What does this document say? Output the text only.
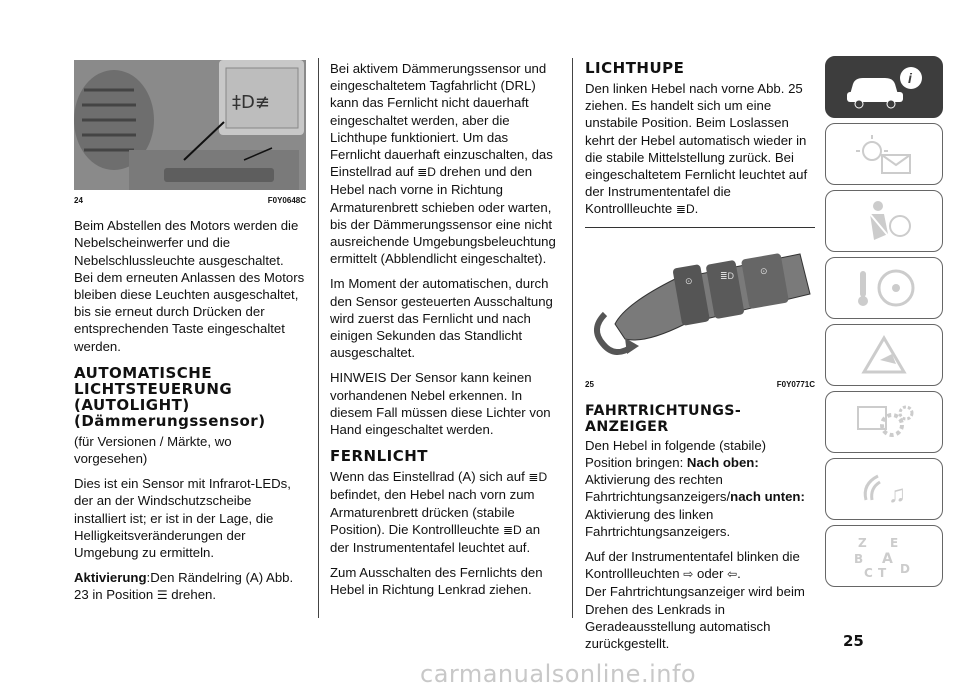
‡D≢
24	F0Y0648C

Beim Abstellen des Motors werden die Nebelscheinwerfer und die Nebelschlussleuchte ausgeschaltet. Bei dem erneuten Anlassen des Motors bleiben diese Leuchten ausgeschaltet, bis sie erneut durch Drücken der entsprechenden Taste eingeschaltet werden.

AUTOMATISCHE LICHTSTEUERUNG (AUTOLIGHT) (Dämmerungssensor)

(für Versionen / Märkte, wo vorgesehen)

Dies ist ein Sensor mit Infrarot-LEDs, der an der Windschutzscheibe installiert ist; er ist in der Lage, die Helligkeitsveränderungen der Umgebung zu ermitteln.

Aktivierung:Den Rändelring (A) Abb. 23 in Position ☰ drehen.

Bei aktivem Dämmerungssensor und eingeschaltetem Tagfahrlicht (DRL) kann das Fernlicht nicht dauerhaft eingeschaltet werden, aber die Lichthupe funktioniert. Um das Fernlicht dauerhaft einzuschalten, das Einstellrad auf ≣D drehen und den Hebel nach vorne in Richtung Armaturenbrett schieben oder warten, bis der Dämmerungssensor eine nicht ausreichende Umgebungsbeleuchtung ermittelt (Abblendlicht eingeschaltet).

Im Moment der automatischen, durch den Sensor gesteuerten Ausschaltung wird zuerst das Fernlicht und nach einigen Sekunden das Standlicht ausgeschaltet.

HINWEIS Der Sensor kann keinen vorhandenen Nebel erkennen. In diesem Fall müssen diese Lichter von Hand eingeschaltet werden.

FERNLICHT

Wenn das Einstellrad (A) sich auf ≣D befindet, den Hebel nach vorn zum Armaturenbrett drücken (stabile Position). Die Kontrollleuchte ≣D an der Instrumententafel leuchtet auf.

Zum Ausschalten des Fernlichts den Hebel in Richtung Lenkrad ziehen.

LICHTHUPE

Den linken Hebel nach vorne Abb. 25 ziehen. Es handelt sich um eine unstabile Position. Beim Loslassen kehrt der Hebel automatisch wieder in die stabile Mittelstellung zurück. Bei eingeschaltetem Fernlicht leuchtet auf der Instrumententafel die Kontrollleuchte ≣D.

⊙	≣D	⊙
25	F0Y0771C
FAHRTRICHTUNGS-ANZEIGER

Den Hebel in folgende (stabile) Position bringen: Nach oben: Aktivierung des rechten Fahrtrichtungsanzeigers/nach unten: Aktivierung des linken Fahrtrichtungsanzeigers.

Auf der Instrumententafel blinken die Kontrollleuchten ⇨ oder ⇦.
Der Fahrtrichtungsanzeiger wird beim Drehen des Lenkrads in Geradeausstellung automatisch zurückgestellt.

i
♫
Z E
B A
C T D
25
carmanualsonline.info
